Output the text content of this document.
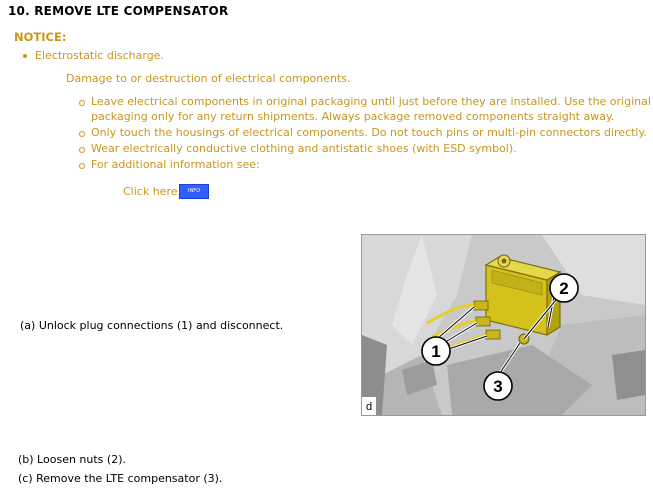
10. REMOVE LTE COMPENSATOR
NOTICE:
Electrostatic discharge.
Damage to or destruction of electrical components.
Leave electrical components in original packaging until just before they are installed. Use the original
packaging only for any return shipments. Always package removed components straight away.
Only touch the housings of electrical components. Do not touch pins or multi-pin connectors directly.
Wear electrically conductive clothing and antistatic shoes (with ESD symbol).
For additional information see:
Click here	INFO
(a) Unlock plug connections (1) and disconnect.
(b) Loosen nuts (2).
(c) Remove the LTE compensator (3).
1
2
3
d
